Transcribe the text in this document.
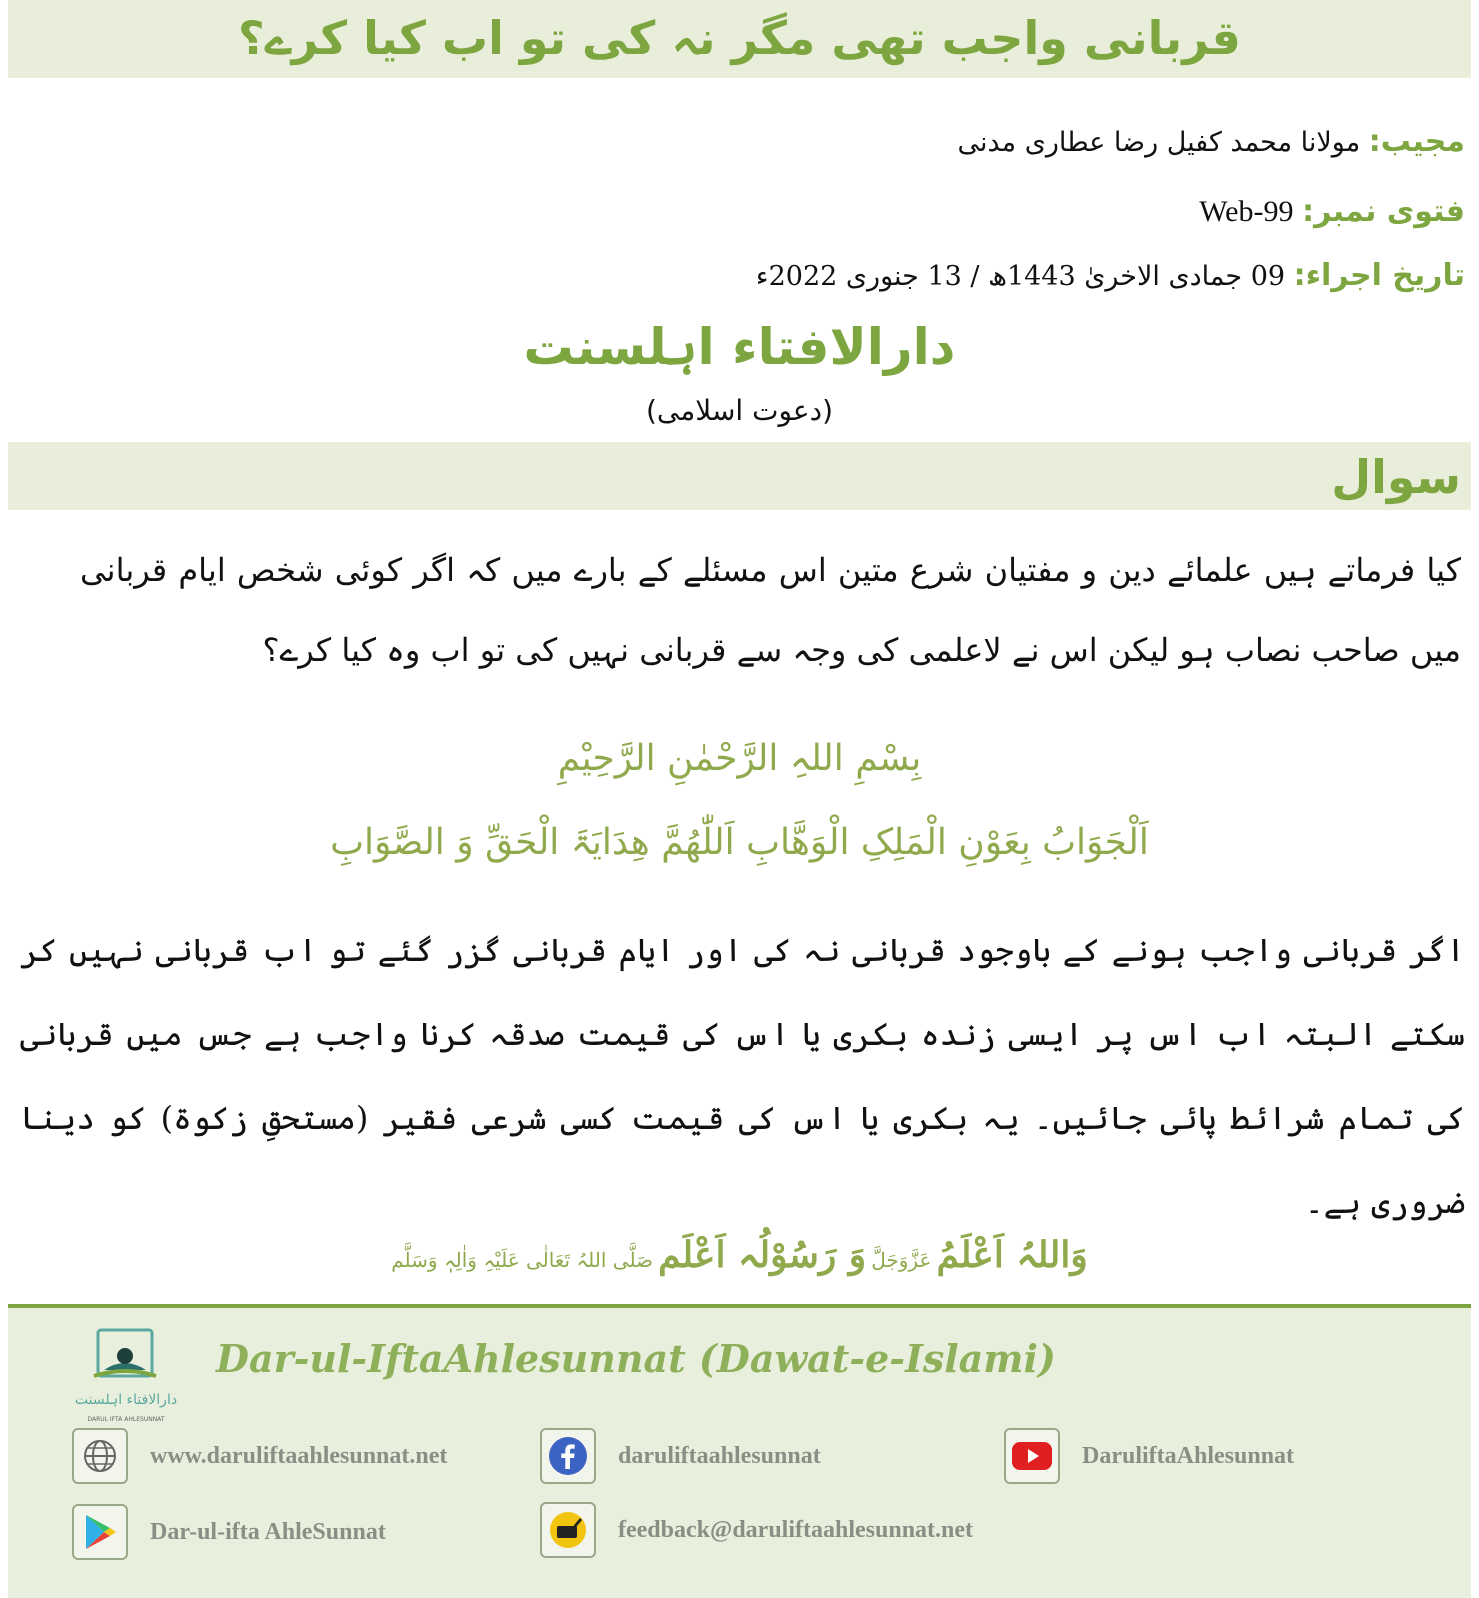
قربانی واجب تھی مگر نہ کی تو اب کیا کرے؟
مجیب: مولانا محمد کفیل رضا عطاری مدنی
فتوی نمبر: Web-99
تاریخ اجراء: 09 جمادی الاخریٰ 1443ھ / 13 جنوری 2022ء
دارالافتاء اہلسنت
(دعوت اسلامی)
سوال
کیا فرماتے ہیں علمائے دین و مفتیان شرع متین اس مسئلے کے بارے میں کہ اگر کوئی شخص ایام قربانی میں صاحب نصاب ہو لیکن اس نے لاعلمی کی وجہ سے قربانی نہیں کی تو اب وہ کیا کرے؟
بِسْمِ اللہِ الرَّحْمٰنِ الرَّحِیْمِ
اَلْجَوَابُ بِعَوْنِ الْمَلِکِ الْوَھَّابِ اَللّٰھُمَّ ھِدَایَۃَ الْحَقِّ وَ الصَّوَابِ
اگر قربانی واجب ہونے کے باوجود قربانی نہ کی اور ایام قربانی گزر گئے تو اب قربانی نہیں کر سکتے البتہ اب اس پر ایسی زندہ بکری یا اس کی قیمت صدقہ کرنا واجب ہے جس میں قربانی کی تمام شرائط پائی جائیں۔ یہ بکری یا اس کی قیمت کسی شرعی فقیر (مستحقِ زکوۃ) کو دینا ضروری ہے۔
وَاللہُ اَعْلَمُ عَزَّوَجَلَّ وَ رَسُوْلُہ اَعْلَم صَلَّی اللہُ تَعَالٰی عَلَیْہِ وَاٰلِہٖ وَسَلَّم
دارالافتاء اہلسنت
DARUL IFTA AHLESUNNAT
Dar-ul-IftaAhlesunnat (Dawat-e-Islami)
www.daruliftaahlesunnat.net	daruliftaahlesunnat	DaruliftaAhlesunnat
Dar-ul-ifta AhleSunnat	feedback@daruliftaahlesunnat.net
